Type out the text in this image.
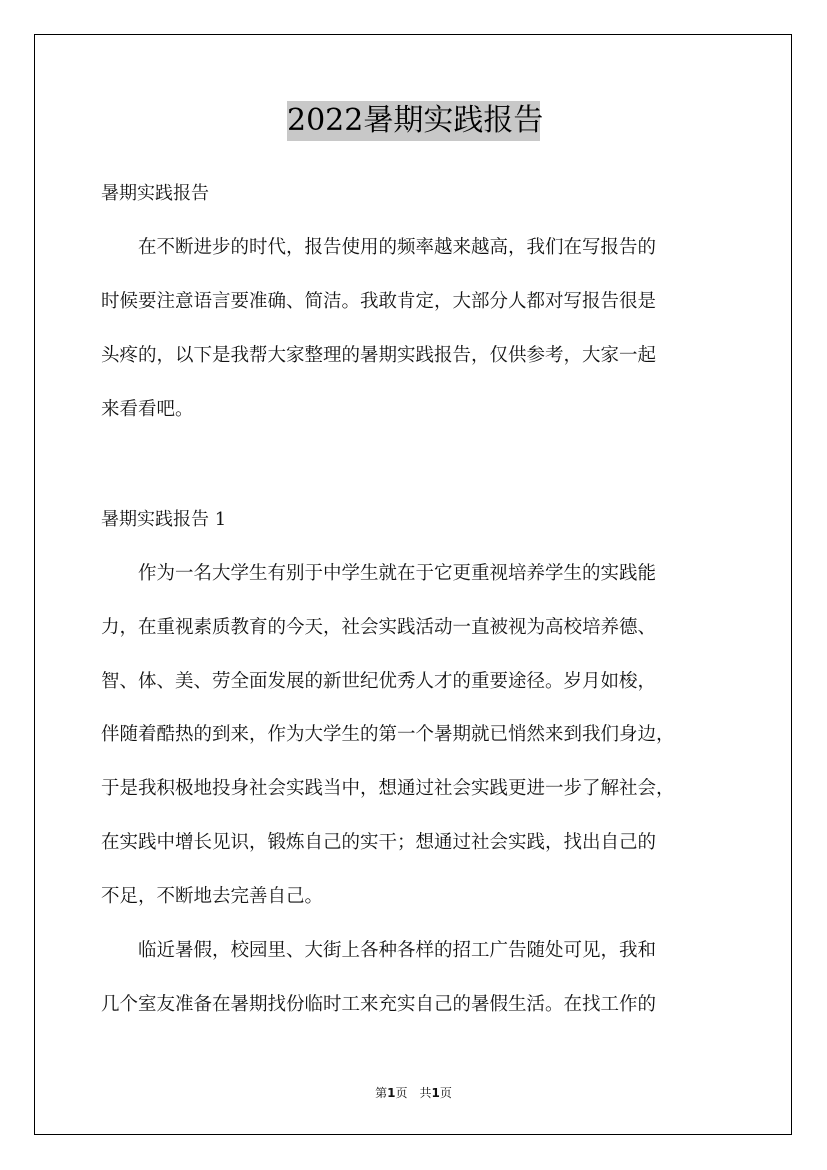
2022暑期实践报告
暑期实践报告
　　在不断进步的时代，报告使用的频率越来越高，我们在写报告的
时候要注意语言要准确、简洁。我敢肯定，大部分人都对写报告很是
头疼的，以下是我帮大家整理的暑期实践报告，仅供参考，大家一起
来看看吧。
暑期实践报告 1
　　作为一名大学生有别于中学生就在于它更重视培养学生的实践能
力，在重视素质教育的今天，社会实践活动一直被视为高校培养德、
智、体、美、劳全面发展的新世纪优秀人才的重要途径。岁月如梭，
伴随着酷热的到来，作为大学生的第一个暑期就已悄然来到我们身边，
于是我积极地投身社会实践当中，想通过社会实践更进一步了解社会，
在实践中增长见识，锻炼自己的实干；想通过社会实践，找出自己的
不足，不断地去完善自己。
　　临近暑假，校园里、大街上各种各样的招工广告随处可见，我和
几个室友准备在暑期找份临时工来充实自己的暑假生活。在找工作的
第1页　共1页
